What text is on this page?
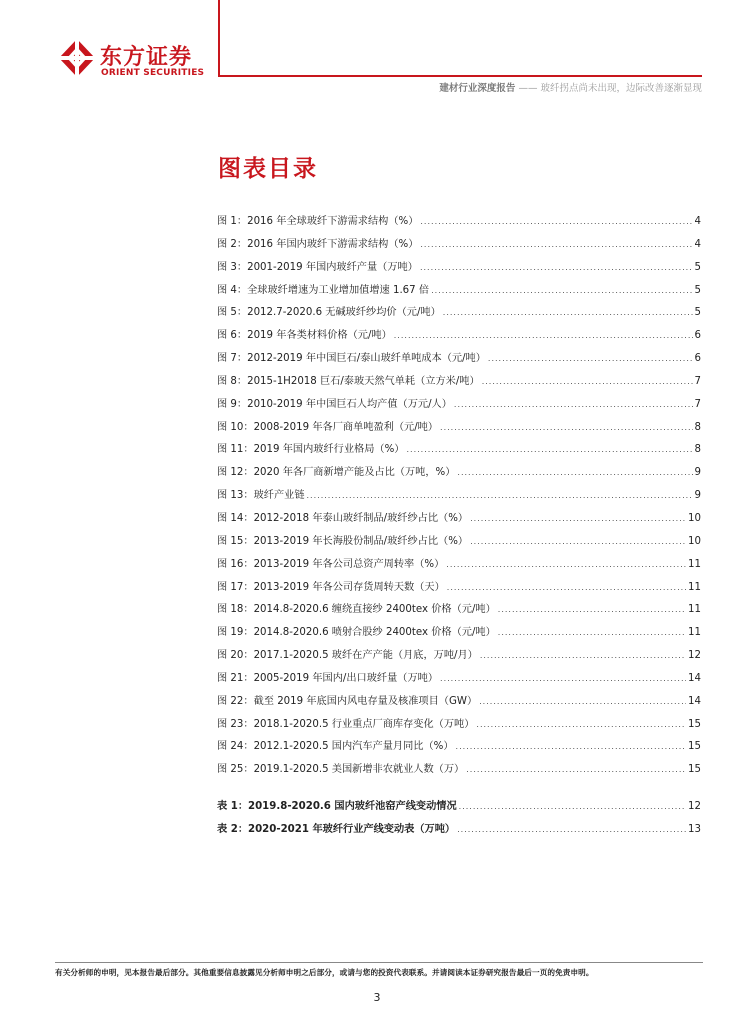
东方证券
ORIENT SECURITIES
建材行业深度报告 —— 玻纤拐点尚未出现，边际改善逐渐显现
图表目录
图 1：2016 年全球玻纤下游需求结构（%） .....	4
图 2：2016 年国内玻纤下游需求结构（%） .....	4
图 3：2001-2019 年国内玻纤产量（万吨） .....	5
图 4：全球玻纤增速为工业增加值增速 1.67 倍 .....	5
图 5：2012.7-2020.6 无碱玻纤纱均价（元/吨） .....	5
图 6：2019 年各类材料价格（元/吨） .....	6
图 7：2012-2019 年中国巨石/泰山玻纤单吨成本（元/吨） .....	6
图 8：2015-1H2018 巨石/泰玻天然气单耗（立方米/吨） .....	7
图 9：2010-2019 年中国巨石人均产值（万元/人） .....	7
图 10：2008-2019 年各厂商单吨盈利（元/吨） .....	8
图 11：2019 年国内玻纤行业格局（%） .....	8
图 12：2020 年各厂商新增产能及占比（万吨，%） .....	9
图 13：玻纤产业链 .....	9
图 14：2012-2018 年泰山玻纤制品/玻纤纱占比（%） .....	10
图 15：2013-2019 年长海股份制品/玻纤纱占比（%） .....	10
图 16：2013-2019 年各公司总资产周转率（%） .....	11
图 17：2013-2019 年各公司存货周转天数（天） .....	11
图 18：2014.8-2020.6 缠绕直接纱 2400tex 价格（元/吨） .....	11
图 19：2014.8-2020.6 喷射合股纱 2400tex 价格（元/吨） .....	11
图 20：2017.1-2020.5 玻纤在产产能（月底，万吨/月） .....	12
图 21：2005-2019 年国内/出口玻纤量（万吨） .....	14
图 22：截至 2019 年底国内风电存量及核准项目（GW） .....	14
图 23：2018.1-2020.5 行业重点厂商库存变化（万吨） .....	15
图 24：2012.1-2020.5 国内汽车产量月同比（%） .....	15
图 25：2019.1-2020.5 美国新增非农就业人数（万） .....	15
表 1：2019.8-2020.6 国内玻纤池窑产线变动情况 .....	12
表 2：2020-2021 年玻纤行业产线变动表（万吨） .....	13
有关分析师的申明，见本报告最后部分。其他重要信息披露见分析师申明之后部分，或请与您的投资代表联系。并请阅读本证券研究报告最后一页的免责申明。
3
